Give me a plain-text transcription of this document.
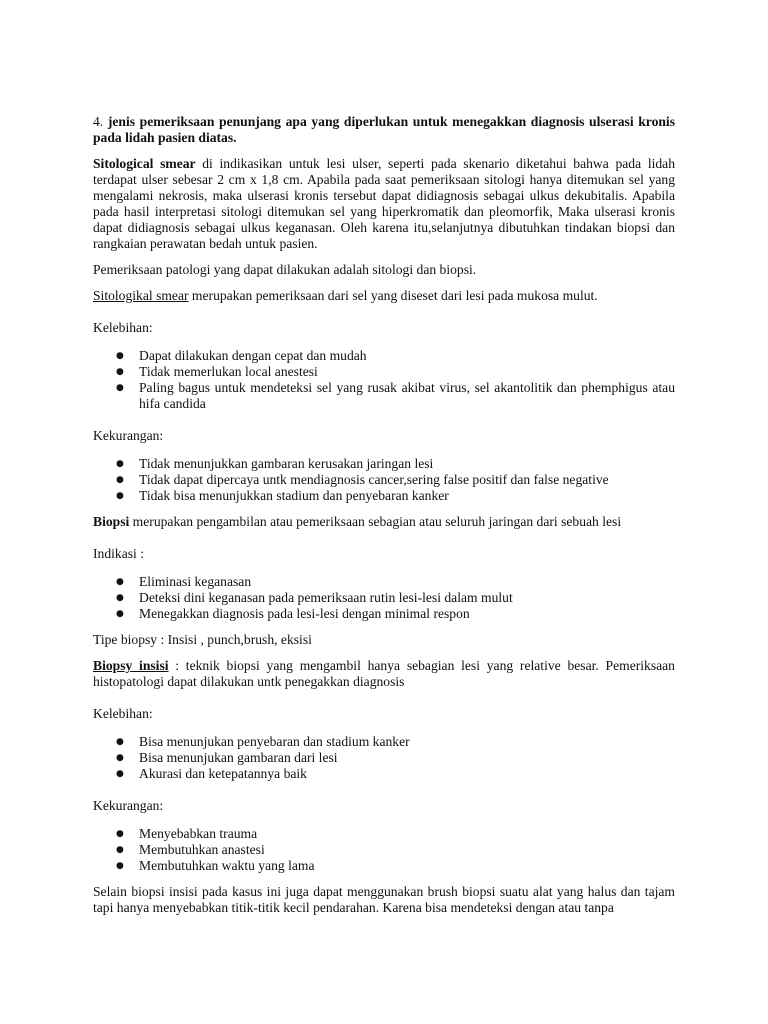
4. jenis pemeriksaan penunjang apa yang diperlukan untuk menegakkan diagnosis ulserasi kronis pada lidah pasien diatas.

Sitological smear di indikasikan untuk lesi ulser, seperti pada skenario diketahui bahwa pada lidah terdapat ulser sebesar 2 cm x 1,8 cm. Apabila pada saat pemeriksaan sitologi hanya ditemukan sel yang mengalami nekrosis, maka ulserasi kronis tersebut dapat didiagnosis sebagai ulkus dekubitalis. Apabila pada hasil interpretasi sitologi ditemukan sel yang hiperkromatik dan pleomorfik, Maka ulserasi kronis dapat didiagnosis sebagai ulkus keganasan. Oleh karena itu,selanjutnya dibutuhkan tindakan biopsi dan rangkaian perawatan bedah untuk pasien.

Pemeriksaan patologi yang dapat dilakukan adalah sitologi dan biopsi.

Sitologikal smear merupakan pemeriksaan dari sel yang diseset dari lesi pada mukosa mulut.

Kelebihan:

● Dapat dilakukan dengan cepat dan mudah
● Tidak memerlukan local anestesi
● Paling bagus untuk mendeteksi sel yang rusak akibat virus, sel akantolitik dan phemphigus atau hifa candida

Kekurangan:

● Tidak menunjukkan gambaran kerusakan jaringan lesi
● Tidak dapat dipercaya untk mendiagnosis cancer,sering false positif dan false negative
● Tidak bisa menunjukkan stadium dan penyebaran kanker

Biopsi merupakan pengambilan atau pemeriksaan sebagian atau seluruh jaringan dari sebuah lesi

Indikasi :

● Eliminasi keganasan
● Deteksi dini keganasan pada pemeriksaan rutin lesi-lesi dalam mulut
● Menegakkan diagnosis pada lesi-lesi dengan minimal respon

Tipe biopsy : Insisi , punch,brush, eksisi

Biopsy insisi : teknik biopsi yang mengambil hanya sebagian lesi yang relative besar. Pemeriksaan histopatologi dapat dilakukan untk penegakkan diagnosis

Kelebihan:

● Bisa menunjukan penyebaran dan stadium kanker
● Bisa menunjukan gambaran dari lesi
● Akurasi dan ketepatannya baik

Kekurangan:

● Menyebabkan trauma
● Membutuhkan anastesi
● Membutuhkan waktu yang lama

Selain biopsi insisi pada kasus ini juga dapat menggunakan brush biopsi suatu alat yang halus dan tajam tapi hanya menyebabkan titik-titik kecil pendarahan. Karena bisa mendeteksi dengan atau tanpa
